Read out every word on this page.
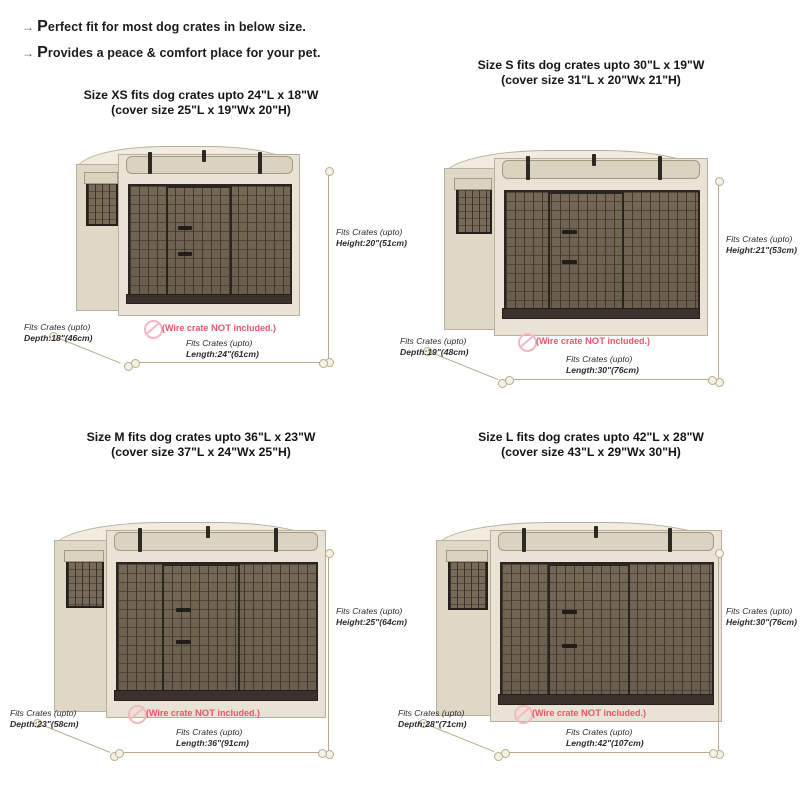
→ P erfect fit for most dog crates in below size.
→ P rovides a peace & comfort place for your pet.
Size XS fits dog crates upto 24"L x 18"W
(cover size 25"L x 19"Wx 20"H)
Fits Crates (upto)
Height:20"(51cm)
Fits Crates (upto)
Depth:18"(46cm)
Fits Crates (upto)
Length:24"(61cm)
(Wire crate NOT included.)
Size S fits dog crates upto 30"L x 19"W
(cover size 31"L x 20"Wx 21"H)
Fits Crates (upto)
Height:21"(53cm)
Fits Crates (upto)
Depth:19"(48cm)
Fits Crates (upto)
Length:30"(76cm)
(Wire crate NOT included.)
Size M fits dog crates upto 36"L x 23"W
(cover size 37"L x 24"Wx 25"H)
Fits Crates (upto)
Height:25"(64cm)
Fits Crates (upto)
Depth:23"(58cm)
Fits Crates (upto)
Length:36"(91cm)
(Wire crate NOT included.)
Size L fits dog crates upto 42"L x 28"W
(cover size 43"L x 29"Wx 30"H)
Fits Crates (upto)
Height:30"(76cm)
Fits Crates (upto)
Depth:28"(71cm)
Fits Crates (upto)
Length:42"(107cm)
(Wire crate NOT included.)
